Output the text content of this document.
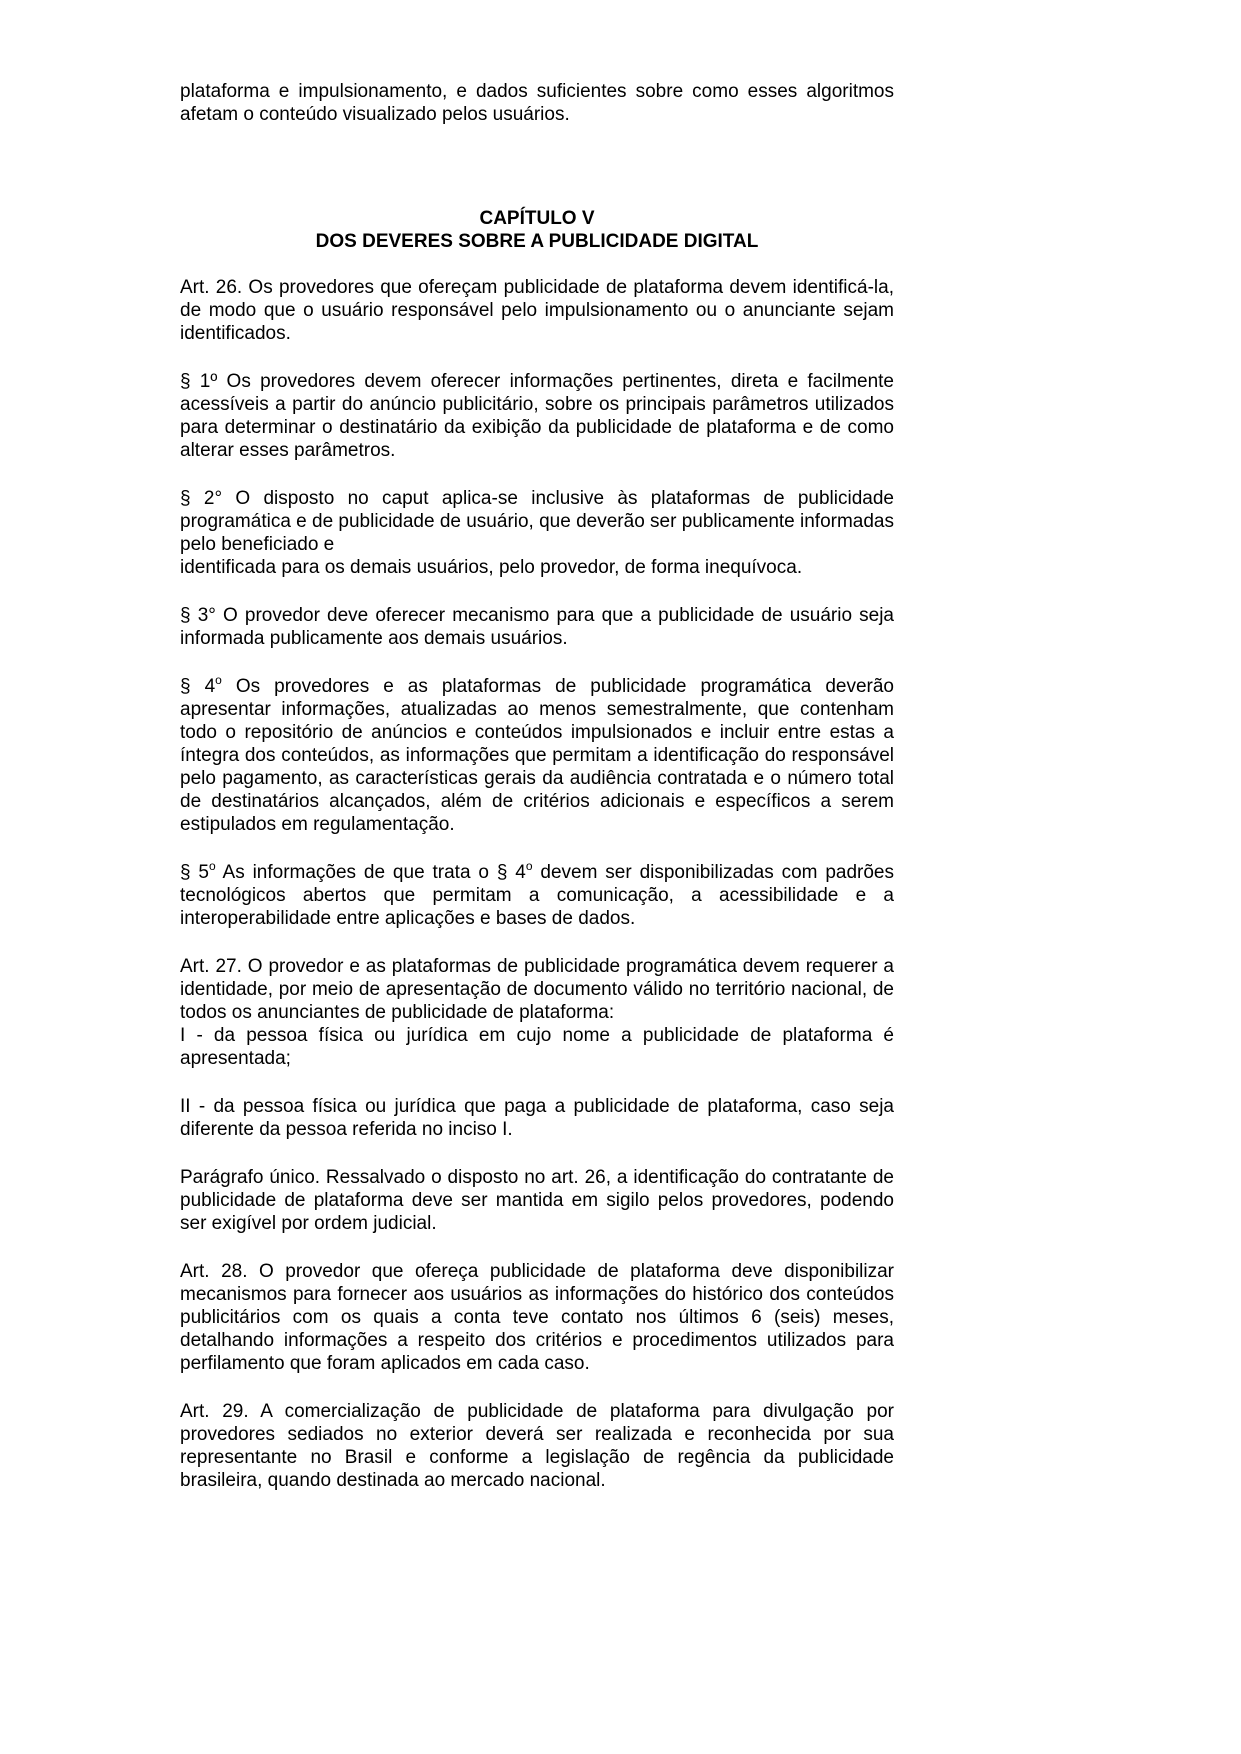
plataforma e impulsionamento, e dados suficientes sobre como esses algoritmos afetam o conteúdo visualizado pelos usuários.

CAPÍTULO V
DOS DEVERES SOBRE A PUBLICIDADE DIGITAL

Art. 26. Os provedores que ofereçam publicidade de plataforma devem identificá-la, de modo que o usuário responsável pelo impulsionamento ou o anunciante sejam identificados.

§ 1º Os provedores devem oferecer informações pertinentes, direta e facilmente acessíveis a partir do anúncio publicitário, sobre os principais parâmetros utilizados para determinar o destinatário da exibição da publicidade de plataforma e de como alterar esses parâmetros.

§ 2° O disposto no caput aplica-se inclusive às plataformas de publicidade programática e de publicidade de usuário, que deverão ser publicamente informadas pelo beneficiado e

identificada para os demais usuários, pelo provedor, de forma inequívoca.

§ 3° O provedor deve oferecer mecanismo para que a publicidade de usuário seja informada publicamente aos demais usuários.

§ 4$^o$ Os provedores e as plataformas de publicidade programática deverão apresentar informações, atualizadas ao menos semestralmente, que contenham todo o repositório de anúncios e conteúdos impulsionados e incluir entre estas a íntegra dos conteúdos, as informações que permitam a identificação do responsável pelo pagamento, as características gerais da audiência contratada e o número total de destinatários alcançados, além de critérios adicionais e específicos a serem estipulados em regulamentação.

§ 5$^o$ As informações de que trata o § 4$^o$ devem ser disponibilizadas com padrões tecnológicos abertos que permitam a comunicação, a acessibilidade e a interoperabilidade entre aplicações e bases de dados.

Art. 27. O provedor e as plataformas de publicidade programática devem requerer a identidade, por meio de apresentação de documento válido no território nacional, de todos os anunciantes de publicidade de plataforma:

I - da pessoa física ou jurídica em cujo nome a publicidade de plataforma é apresentada;

II - da pessoa física ou jurídica que paga a publicidade de plataforma, caso seja diferente da pessoa referida no inciso I.

Parágrafo único. Ressalvado o disposto no art. 26, a identificação do contratante de publicidade de plataforma deve ser mantida em sigilo pelos provedores, podendo ser exigível por ordem judicial.

Art. 28. O provedor que ofereça publicidade de plataforma deve disponibilizar mecanismos para fornecer aos usuários as informações do histórico dos conteúdos publicitários com os quais a conta teve contato nos últimos 6 (seis) meses, detalhando informações a respeito dos critérios e procedimentos utilizados para perfilamento que foram aplicados em cada caso.

Art. 29. A comercialização de publicidade de plataforma para divulgação por provedores sediados no exterior deverá ser realizada e reconhecida por sua representante no Brasil e conforme a legislação de regência da publicidade brasileira, quando destinada ao mercado nacional.
